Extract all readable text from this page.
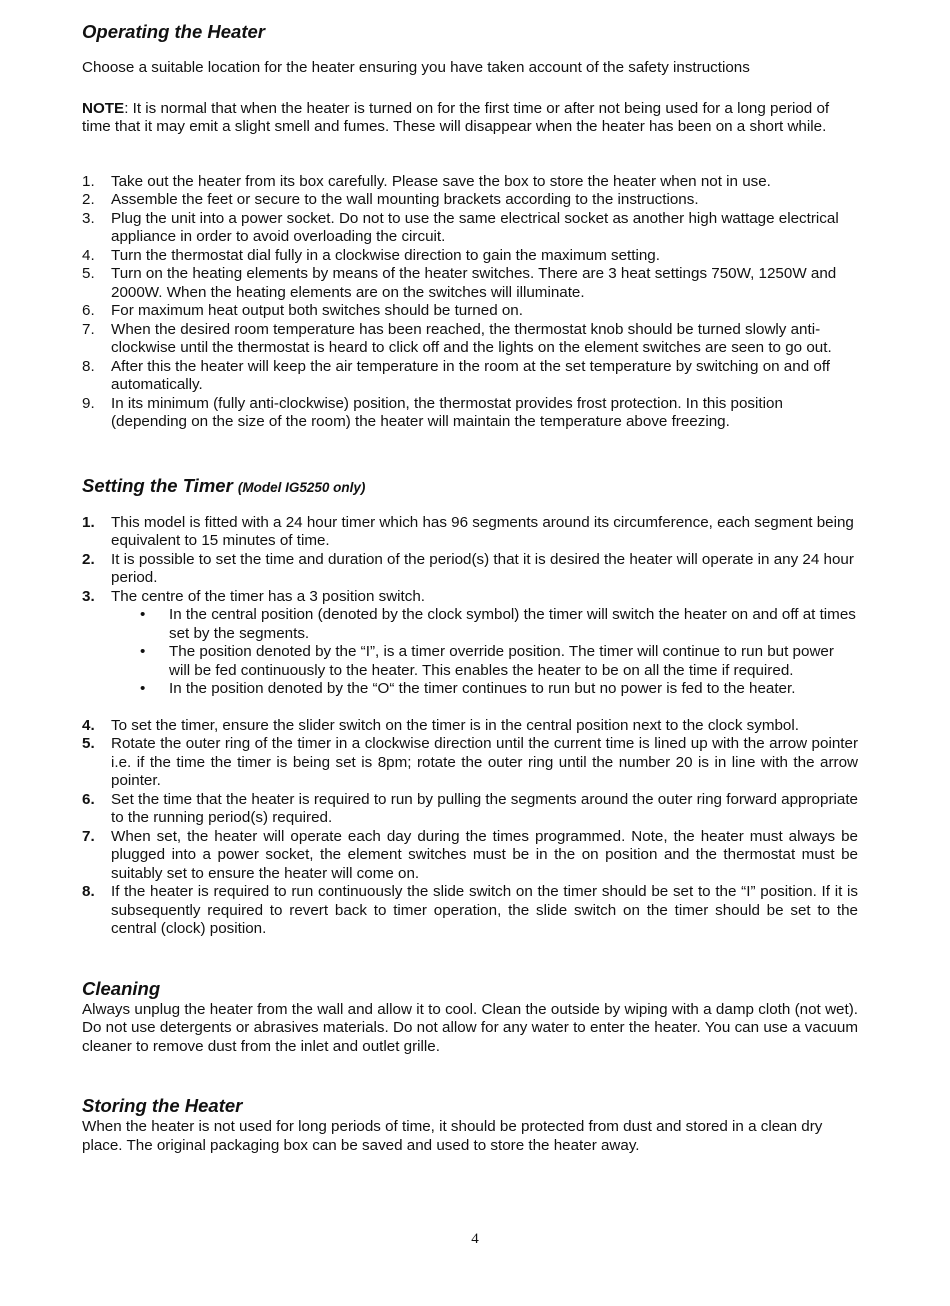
Operating the Heater

Choose a suitable location for the heater ensuring you have taken account of the safety instructions

NOTE: It is normal that when the heater is turned on for the first time or after not being used for a long period of time that it may emit a slight smell and fumes. These will disappear when the heater has been on a short while.

1. Take out the heater from its box carefully. Please save the box to store the heater when not in use.
2. Assemble the feet or secure to the wall mounting brackets according to the instructions.
3. Plug the unit into a power socket. Do not to use the same electrical socket as another high wattage electrical appliance in order to avoid overloading the circuit.
4. Turn the thermostat dial fully in a clockwise direction to gain the maximum setting.
5. Turn on the heating elements by means of the heater switches. There are 3 heat settings 750W, 1250W and 2000W. When the heating elements are on the switches will illuminate.
6. For maximum heat output both switches should be turned on.
7. When the desired room temperature has been reached, the thermostat knob should be turned slowly anti-clockwise until the thermostat is heard to click off and the lights on the element switches are seen to go out.
8. After this the heater will keep the air temperature in the room at the set temperature by switching on and off automatically.
9. In its minimum (fully anti-clockwise) position, the thermostat provides frost protection. In this position (depending on the size of the room) the heater will maintain the temperature above freezing.
Setting the Timer (Model IG5250 only)
1. This model is fitted with a 24 hour timer which has 96 segments around its circumference, each segment being equivalent to 15 minutes of time.
2. It is possible to set the time and duration of the period(s) that it is desired the heater will operate in any 24 hour period.
3. The centre of the timer has a 3 position switch.
• In the central position (denoted by the clock symbol) the timer will switch the heater on and off at times set by the segments.
• The position denoted by the “I”, is a timer override position. The timer will continue to run but power will be fed continuously to the heater. This enables the heater to be on all the time if required.
• In the position denoted by the “O“ the timer continues to run but no power is fed to the heater.
4. To set the timer, ensure the slider switch on the timer is in the central position next to the clock symbol.
5. Rotate the outer ring of the timer in a clockwise direction until the current time is lined up with the arrow pointer i.e. if the time the timer is being set is 8pm; rotate the outer ring until the number 20 is in line with the arrow pointer.
6. Set the time that the heater is required to run by pulling the segments around the outer ring forward appropriate to the running period(s) required.
7. When set, the heater will operate each day during the times programmed. Note, the heater must always be plugged into a power socket, the element switches must be in the on position and the thermostat must be suitably set to ensure the heater will come on.
8. If the heater is required to run continuously the slide switch on the timer should be set to the “I” position. If it is subsequently required to revert back to timer operation, the slide switch on the timer should be set to the central (clock) position.
Cleaning

Always unplug the heater from the wall and allow it to cool. Clean the outside by wiping with a damp cloth (not wet). Do not use detergents or abrasives materials. Do not allow for any water to enter the heater. You can use a vacuum cleaner to remove dust from the inlet and outlet grille.

Storing the Heater

When the heater is not used for long periods of time, it should be protected from dust and stored in a clean dry place. The original packaging box can be saved and used to store the heater away.

4
